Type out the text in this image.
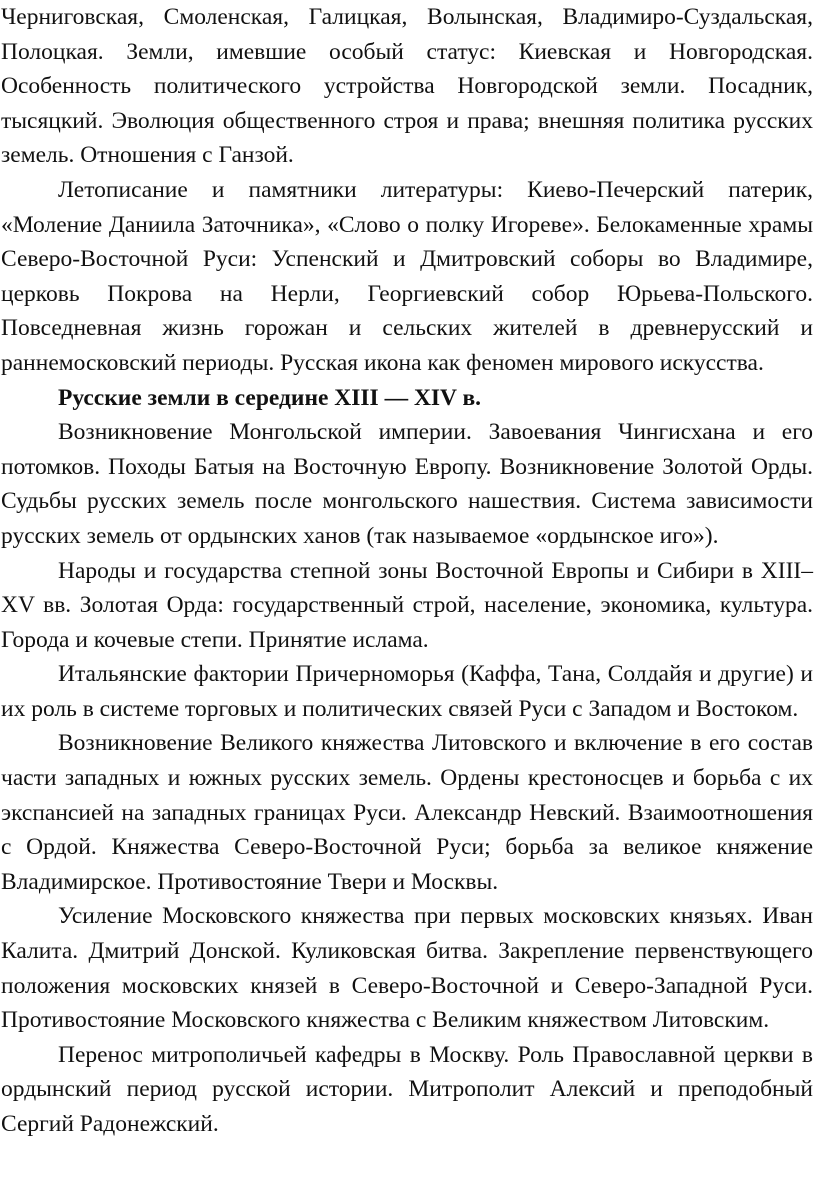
Черниговская, Смоленская, Галицкая, Волынская, Владимиро-Суздальская, Полоцкая. Земли, имевшие особый статус: Киевская и Новгородская. Особенность политического устройства Новгородской земли. Посадник, тысяцкий. Эволюция общественного строя и права; внешняя политика русских земель. Отношения с Ганзой.

Летописание и памятники литературы: Киево-Печерский патерик, «Моление Даниила Заточника», «Слово о полку Игореве». Белокаменные храмы Северо-Восточной Руси: Успенский и Дмитровский соборы во Владимире, церковь Покрова на Нерли, Георгиевский собор Юрьева-Польского. Повседневная жизнь горожан и сельских жителей в древнерусский и раннемосковский периоды. Русская икона как феномен мирового искусства.

Русские земли в середине XIII — XIV в.

Возникновение Монгольской империи. Завоевания Чингисхана и его потомков. Походы Батыя на Восточную Европу. Возникновение Золотой Орды. Судьбы русских земель после монгольского нашествия. Система зависимости русских земель от ордынских ханов (так называемое «ордынское иго»).

Народы и государства степной зоны Восточной Европы и Сибири в XIII–XV вв. Золотая Орда: государственный строй, население, экономика, культура. Города и кочевые степи. Принятие ислама.

Итальянские фактории Причерноморья (Каффа, Тана, Солдайя и другие) и их роль в системе торговых и политических связей Руси с Западом и Востоком.

Возникновение Великого княжества Литовского и включение в его состав части западных и южных русских земель. Ордены крестоносцев и борьба с их экспансией на западных границах Руси. Александр Невский. Взаимоотношения с Ордой. Княжества Северо-Восточной Руси; борьба за великое княжение Владимирское. Противостояние Твери и Москвы.

Усиление Московского княжества при первых московских князьях. Иван Калита. Дмитрий Донской. Куликовская битва. Закрепление первенствующего положения московских князей в Северо-Восточной и Северо-Западной Руси. Противостояние Московского княжества с Великим княжеством Литовским.

Перенос митрополичьей кафедры в Москву. Роль Православной церкви в ордынский период русской истории. Митрополит Алексий и преподобный Сергий Радонежский.
